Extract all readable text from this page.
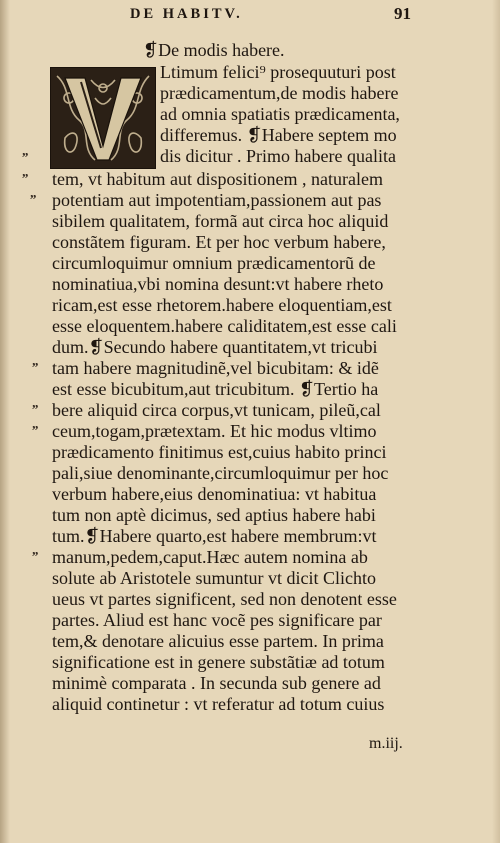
DE HABITV.	91
❡De modis habere.
Ltimum felici⁹ prosequuturi post
prædicamentum,de modis habere
ad omnia spatiatis prædicamenta,
differemus. ❡Habere septem mo
dis dicitur . Primo habere qualita
tem, vt habitum aut dispositionem , naturalem
potentiam aut impotentiam,passionem aut pas
sibilem qualitatem, formã aut circa hoc aliquid
constãtem figuram. Et per hoc verbum habere,
circumloquimur omnium prædicamentorũ de
nominatiua,vbi nomina desunt:vt habere rheto
ricam,est esse rhetorem.habere eloquentiam,est
esse eloquentem.habere caliditatem,est esse cali
dum.❡Secundo habere quantitatem,vt tricubi
tam habere magnitudinẽ,vel bicubitam: & idẽ
est esse bicubitum,aut tricubitum. ❡Tertio ha
bere aliquid circa corpus,vt tunicam, pileũ,cal
ceum,togam,prætextam. Et hic modus vltimo
prædicamento finitimus est,cuius habito princi
pali,siue denominante,circumloquimur per hoc
verbum habere,eius denominatiua: vt habitua
tum non aptè dicimus, sed aptius habere habi
tum.❡Habere quarto,est habere membrum:vt
manum,pedem,caput.Hæc autem nomina ab
solute ab Aristotele sumuntur vt dicit Clichto
ueus vt partes significent, sed non denotent esse
partes. Aliud est hanc vocẽ pes significare par
tem,& denotare alicuius esse partem. In prima
significatione est in genere substãtiæ ad totum
minimè comparata . In secunda sub genere ad
aliquid continetur : vt referatur ad totum cuius
„
„
„
„
„
„
„
m.iij.
